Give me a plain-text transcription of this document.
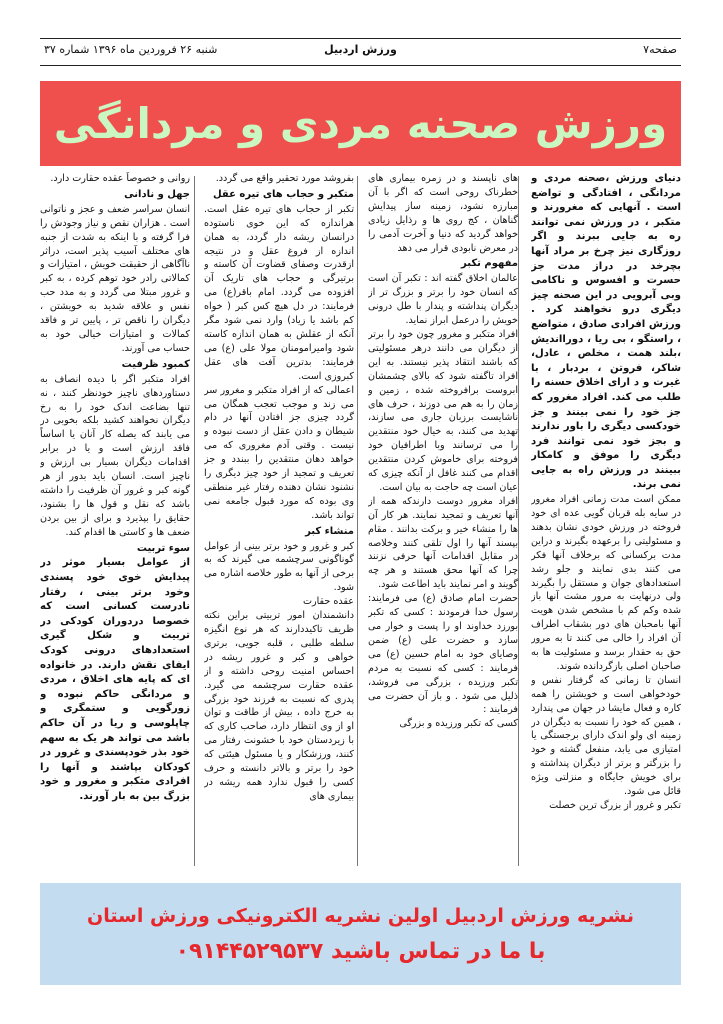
صفحه۷
ورزش اردبیل
شنبه ۲۶ فروردین ماه ۱۳۹۶ شماره ۳۷
ورزش صحنه مردی و مردانگی

دنیای ورزش ،صحنه مردی و مردانگی ، افتادگی و تواضع است . آنهایی که مغرورند و متکبر ، در ورزش نمی توانند ره به جایی ببرند و اگر روزگاری نیز چرخ بر مراد آنها بچرخد در دراز مدت جز حسرت و افسوس و ناکامی وبی آبرویی در این صحنه چیز دیگری درو نخواهند کرد . ورزش افرادی صادق ، متواضع ، راستگو ، بی ریا ، دورااندیش ،بلند همت ، مخلص ، عادل، شاکر، فروتن ، بردبار ، با غیرت و د ارای اخلاق حسنه را طلب می کند. افراد مغرور که جز خود را نمی بینند و جز خودکسی دیگری را باور ندارند و بجز خود نمی توانند فرد دیگری را موفق و کامکار ببینند در ورزش راه به جایی نمی برند.

ممکن است مدت زمانی افراد مغرور در سایه بله قربان گویی عده ای خود فروخته در ورزش خودی نشان بدهند و مسئولیتی را برعهده بگیرند و دراین مدت برکسانی که برخلاف آنها فکر می کنند بدی نمایند و جلو رشد استعدادهای جوان و مستقل را بگیرند ولی درنهایت به مرور مشت آنها باز شده وکم کم با مشخص شدن هویت آنها بامحبان های دور بشقاب اطراف آن افراد را خالی می کنند تا به مرور حق به حقدار برسد و مسئولیت ها به صاحبان اصلی بازگردانده شوند.

انسان تا زمانی که گرفتار نفس و خودخواهی است و خویشتن را همه کاره و فعال مایشا در جهان می پندارد ، همین که خود را نسبت به دیگران در زمینه ای ولو اندک دارای برجستگی یا امتیازی می یابد، منفعل گشته و خود را بزرگتر و برتر از دیگران پنداشته و برای خویش جایگاه و منزلتی ویژه قائل می شود.

تکبر و غرور از بزرگ ترین خصلت

های ناپسند و در زمره بیماری های خطرناک روحی است که اگر با آن مبارزه نشود، زمینه ساز پیدایش گناهان ، کج روی ها و رذایل زیادی خواهد گردید که دنیا و آخرت آدمی را در معرض نابودی قرار می دهد

مفهوم تکبر

عالمان اخلاق گفته اند : تکبر آن است که انسان خود را برتر و بزرگ تر از دیگران پنداشته و پندار با طل درونی خویش را درعمل ابراز نماید.

افراد متکبر و مغرور چون خود را برتر از دیگران می دانند درهر مسئولیتی که باشند انتقاد پذیر نیستند. به این افراد تاگفته شود که بالای چشمشان ابروست برافروخته شده ، زمین و زمان را به هم می دوزند ، حرف های ناشایست برزبان جاری می سازند، تهدید می کنند، به خیال خود منتقدین را می ترسانند وبا اطرافیان خود فروخته برای خاموش کردن منتقدین اقدام می کنند غافل از آنکه چیزی که عیان است چه حاجت به بیان است.

افراد مغرور دوست دارندکه همه از آنها تعریف و تمجید نمایند. هر کار آن ها را منشاء خیر و برکت بدانند . مقام بپسند آنها را اول تلقی کنند وخلاصه در مقابل اقدامات آنها حرفی نزنند چرا که آنها محق هستند و هر چه گویند و امر نمایند باید اطاعت شود.

حضرت امام صادق (ع) می فرمایند: رسول خدا فرمودند : کسی که تکبر بورزد خداوند او را پست و خوار می سازد و حضرت علی (ع) ضمن وصایای خود به امام حسین (ع) می فرمایند : کسی که نسبت به مردم تکبر ورزیده ، بزرگی می فروشد، ذلیل می شود . و باز آن حضرت می فرمایند :

کسی که تکبر ورزیده و بزرگی

بفروشد مورد تحقیر واقع می گردد.

متکبر و حجاب های تیره عقل

تکبر از حجاب های تیره عقل است. هراندازه که این خوی ناستوده درانسان ریشه دار گردد، به همان اندازه از فروغ عقل و در نتیجه ازقدرت وصفای قضاوت آن کاسته و برتیرگی و حجاب های تاریک آن افزوده می گردد. امام باقر(ع) می فرمایند: در دل هیچ کس کبر ( خواه کم باشد یا زیاد) وارد نمی شود مگر آنکه از عقلش به همان اندازه کاسته شود وامیرامومنان مولا علی (ع) می فرمایند: بدترین آفت های عقل کبروزی است.

اعمالی که از افراد متکبر و مغرور سر می زند و موجب تعجب همگان می گردد چیزی جز افتادن آنها در دام شیطان و دادن عقل از دست نبوده و نیست . وقتی آدم مغروری که می خواهد دهان منتقدین را ببندد و جز تعریف و تمجید از خود چیز دیگری را نشنود نشان دهنده رفتار غیر منطقی وی بوده که مورد قبول جامعه نمی تواند باشد.

منشاء کبر

کبر و غرور و خود برتر بینی از عوامل گوناگونی سرچشمه می گیرند که به برخی از آنها به طور خلاصه اشاره می شود.

عقده حقارت

دانشمندان امور تربیتی براین نکته ظریف تاکیددارند که هر نوع انگیزه سلطه طلبی ، قلبه جویی، برتری خواهی و کبر و غرور ریشه در احساس امنیت روحی داشته و از عقده حقارت سرچشمه می گیرد. پدری که نسبت به فرزند خود بزرگی به خرج داده ، بیش از طاقت و توان او از وی انتظار دارد، صاحب کاری که با زیردستان خود با خشونت رفتار می کنند، ورزشکار و یا مسئول هیئتی که خود را برتر و بالاتر دانسته و حرف کسی را قبول ندارد همه ریشه در بیماری های

روانی و خصوصاً عقده حقارت دارد.

جهل و نادانی

انسان سراسر ضعف و عجز و ناتوانی است . هزاران نقص و نیاز وجودش را فرا گرفته و با اینکه به شدت از جنبه های مختلف آسیب پذیر است، دراثر ناآگاهی از حقیقت خویش ، امتیازات و کمالاتی رادر خود توهم کرده ، به کبر و غرور مبتلا می گردد و به مدد حب نفس و علاقه شدید به خویشتن ، دیگران را ناقص تر ، پایین تر و فاقد کمالات و امتیازات خیالی خود به حساب می آورند.

کمبود ظرفیت

افراد متکبر اگر با دیده انصاف به دستاوردهای ناچیز خودنظر کنند ، نه تنها بضاعت اندک خود را به رخ دیگران نخواهند کشید بلکه بخوبی در می یابند که یصله کار آنان یا اساساً فاقد ارزش است و یا در برابر اقدامات دیگران بسیار بی ارزش و ناچیز است. انسان باید بدور از هر گونه کبر و غرور آن ظرفیت را داشته باشد که نقل و قول ها را بشنود، حقایق را بپذیرد و برای از بین بردن ضعف ها و کاستی ها اقدام کند.

سوء تربیت

از عوامل بسیار موثر در پیدایش خوی خود پسندی وخود برتر بینی ، رفتار نادرست کسانی است که خصوصا دردوران کودکی در تربیت و شکل گیری استعدادهای درونی کودک ایفای نقش دارند. در خانواده ای که پایه های اخلاق ، مردی و مردانگی حاکم نبوده و زورگویی و ستمگری و چاپلوسی و ریا در آن حاکم باشد می تواند هر یک به سهم خود بذر خودپسندی و غرور در کودکان بپاشند و آنها را افرادی متکبر و مغرور و خود بزرگ بین به بار آورند.

نشریه ورزش اردبیل اولین نشریه الکترونیکی ورزش استان
با ما در تماس باشید ۰۹۱۴۴۵۲۹۵۳۷
